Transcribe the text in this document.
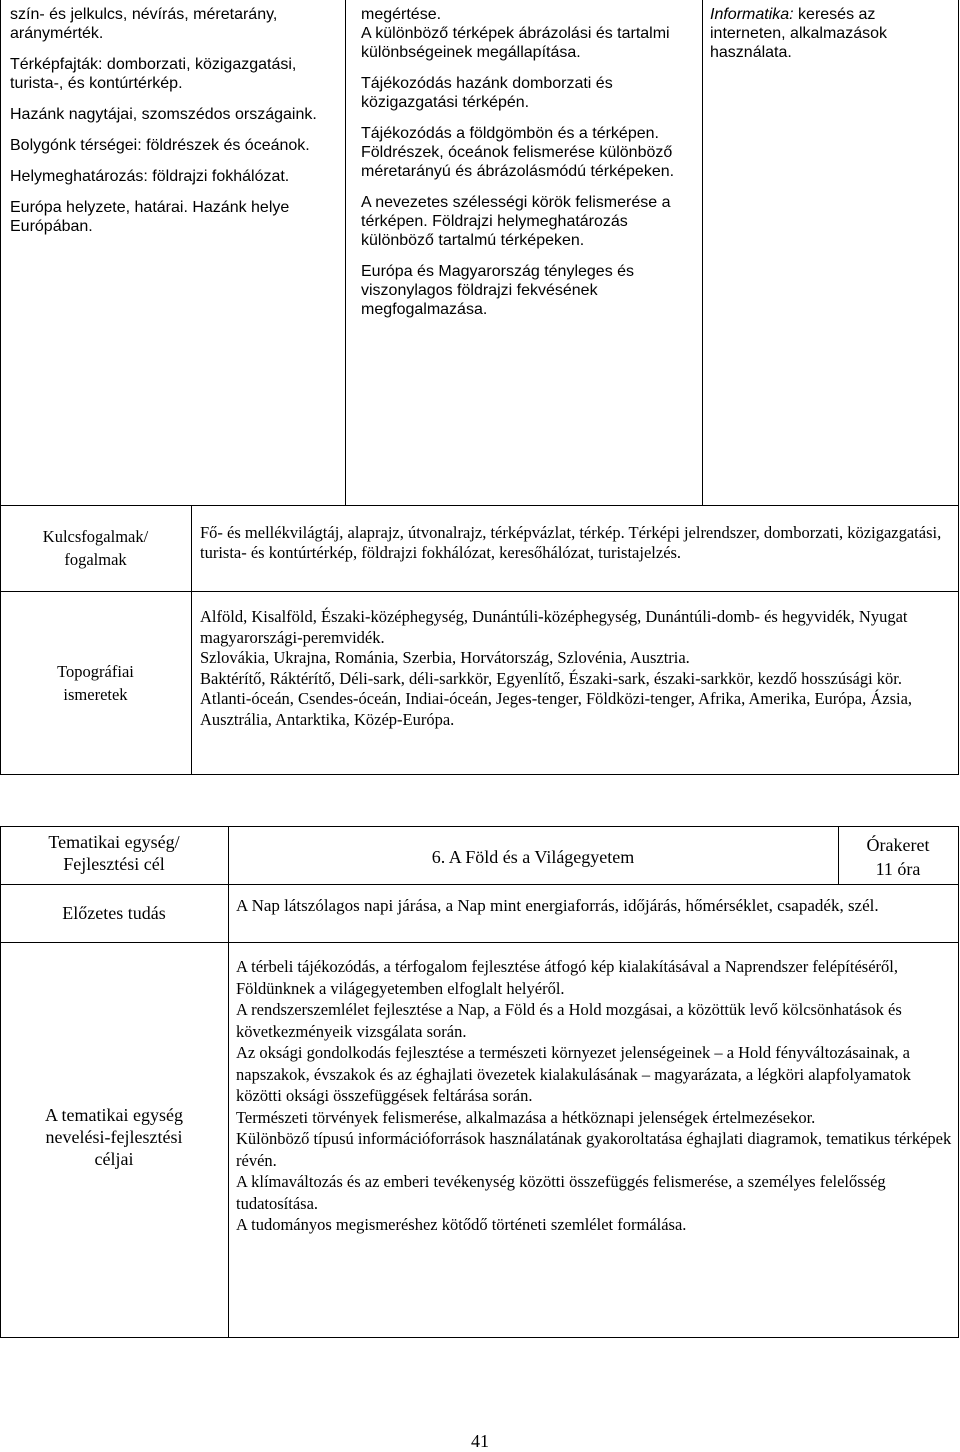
szín- és jelkulcs, névírás, méretarány, aránymérték.

Térképfajták: domborzati, közigazgatási, turista-, és kontúrtérkép.

Hazánk nagytájai, szomszédos országaink.

Bolygónk térségei: földrészek és óceánok.

Helymeghatározás: földrajzi fokhálózat.

Európa helyzete, határai. Hazánk helye Európában.

megértése.

A különböző térképek ábrázolási és tartalmi különbségeinek megállapítása.

Tájékozódás hazánk domborzati és közigazgatási térképén.

Tájékozódás a földgömbön és a térképen. Földrészek, óceánok felismerése különböző méretarányú és ábrázolásmódú térképeken.

A nevezetes szélességi körök felismerése a térképen. Földrajzi helymeghatározás különböző tartalmú térképeken.

Európa és Magyarország tényleges és viszonylagos földrajzi fekvésének megfogalmazása.

Informatika: keresés az interneten, alkalmazások használata.
Kulcsfogalmak/
fogalmak
Fő- és mellékvilágtáj, alaprajz, útvonalrajz, térképvázlat, térkép. Térképi jelrendszer, domborzati, közigazgatási, turista- és kontúrtérkép, földrajzi fokhálózat, keresőhálózat, turistajelzés.
Topográfiai
ismeretek

Alföld, Kisalföld, Északi-középhegység, Dunántúli-középhegység, Dunántúli-domb- és hegyvidék, Nyugat magyarországi-peremvidék.

Szlovákia, Ukrajna, Románia, Szerbia, Horvátország, Szlovénia, Ausztria.

Baktérítő, Ráktérítő, Déli-sark, déli-sarkkör, Egyenlítő, Északi-sark, északi-sarkkör, kezdő hosszúsági kör.

Atlanti-óceán, Csendes-óceán, Indiai-óceán, Jeges-tenger, Földközi-tenger, Afrika, Amerika, Európa, Ázsia, Ausztrália, Antarktika, Közép-Európa.

Tematikai egység/
Fejlesztési cél	6. A Föld és a Világegyetem
Órakeret
11 óra
Előzetes tudás	A Nap látszólagos napi járása, a Nap mint energiaforrás, időjárás, hőmérséklet, csapadék, szél.
A tematikai egység
nevelési-fejlesztési
céljai

A térbeli tájékozódás, a térfogalom fejlesztése átfogó kép kialakításával a Naprendszer felépítéséről, Földünknek a világegyetemben elfoglalt helyéről.

A rendszerszemlélet fejlesztése a Nap, a Föld és a Hold mozgásai, a közöttük levő kölcsönhatások és következményeik vizsgálata során.

Az oksági gondolkodás fejlesztése a természeti környezet jelenségeinek – a Hold fényváltozásainak, a napszakok, évszakok és az éghajlati övezetek kialakulásának – magyarázata, a légköri alapfolyamatok közötti oksági összefüggések feltárása során.

Természeti törvények felismerése, alkalmazása a hétköznapi jelenségek értelmezésekor.

Különböző típusú információforrások használatának gyakoroltatása éghajlati diagramok, tematikus térképek révén.

A klímaváltozás és az emberi tevékenység közötti összefüggés felismerése, a személyes felelősség tudatosítása.

A tudományos megismeréshez kötődő történeti szemlélet formálása.

41
